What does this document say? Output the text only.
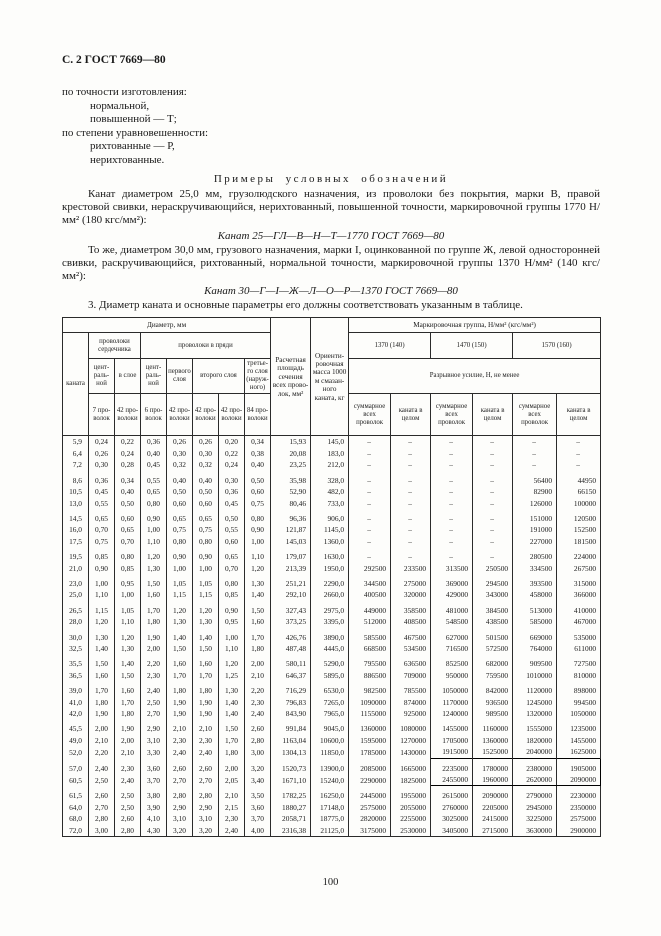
С. 2 ГОСТ 7669—80
по точности изготовления:
нормальной,
повышенной — Т;
по степени уравновешенности:
рихтованные — Р,
нерихтованные.
Примеры условных обозначений

Канат диаметром 25,0 мм, грузолюдского назначения, из проволоки без покрытия, марки В, правой крестовой свивки, нераскручивающийся, нерихтованный, повышенной точности, маркировочной группы 1770 Н/мм² (180 кгс/мм²):

Канат 25—ГЛ—В—Н—Т—1770 ГОСТ 7669—80

То же, диаметром 30,0 мм, грузового назначения, марки I, оцинкованной по группе Ж, левой односторонней свивки, раскручивающийся, рихтованный, нормальной точности, маркировочной группы 1370 Н/мм² (140 кгс/мм²):

Канат 30—Г—I—Ж—Л—О—Р—1370 ГОСТ 7669—80

3. Диаметр каната и основные параметры его должны соответствовать указанным в таблице.

Диаметр, мм								Расчетная площадь сечения всех проволок, мм²	Ориентировочная масса 1000 м смазанного каната, кг	Маркировочная группа, Н/мм² (кгс/мм²)					
каната	проволоки сердечника		проволоки в пряди							1370 (140)		1470 (150)		1570 (160)	
	центральной	в слое	центральной	первого слоя	второго слоя		третьего слоя (наружного)			Разрывное усилие, Н, не менее					
	7 проволок	42 проволоки	6 проволок	42 проволоки	42 проволоки	42 проволоки	84 проволоки			суммарное всех проволок	каната в целом	суммарное всех проволок	каната в целом	суммарное всех проволок	каната в целом
5,9	0,24	0,22	0,36	0,26	0,26	0,20	0,34	15,93	145,0	–	–	–	–	–	–
6,4	0,26	0,24	0,40	0,30	0,30	0,22	0,38	20,08	183,0	–	–	–	–	–	–
7,2	0,30	0,28	0,45	0,32	0,32	0,24	0,40	23,25	212,0	–	–	–	–	–	–
8,6	0,36	0,34	0,55	0,40	0,40	0,30	0,50	35,98	328,0	–	–	–	–	56400	44950
10,5	0,45	0,40	0,65	0,50	0,50	0,36	0,60	52,90	482,0	–	–	–	–	82900	66150
13,0	0,55	0,50	0,80	0,60	0,60	0,45	0,75	80,46	733,0	–	–	–	–	126000	100000
14,5	0,65	0,60	0,90	0,65	0,65	0,50	0,80	96,36	906,0	–	–	–	–	151000	120500
16,0	0,70	0,65	1,00	0,75	0,75	0,55	0,90	121,87	1145,0	–	–	–	–	191000	152500
17,5	0,75	0,70	1,10	0,80	0,80	0,60	1,00	145,03	1360,0	–	–	–	–	227000	181500
19,5	0,85	0,80	1,20	0,90	0,90	0,65	1,10	179,07	1630,0	–	–	–	–	280500	224000
21,0	0,90	0,85	1,30	1,00	1,00	0,70	1,20	213,39	1950,0	292500	233500	313500	250500	334500	267500
23,0	1,00	0,95	1,50	1,05	1,05	0,80	1,30	251,21	2290,0	344500	275000	369000	294500	393500	315000
25,0	1,10	1,00	1,60	1,15	1,15	0,85	1,40	292,10	2660,0	400500	320000	429000	343000	458000	366000
26,5	1,15	1,05	1,70	1,20	1,20	0,90	1,50	327,43	2975,0	449000	358500	481000	384500	513000	410000
28,0	1,20	1,10	1,80	1,30	1,30	0,95	1,60	373,25	3395,0	512000	408500	548500	438500	585000	467000
30,0	1,30	1,20	1,90	1,40	1,40	1,00	1,70	426,76	3890,0	585500	467500	627000	501500	669000	535000
32,5	1,40	1,30	2,00	1,50	1,50	1,10	1,80	487,48	4445,0	668500	534500	716500	572500	764000	611000
35,5	1,50	1,40	2,20	1,60	1,60	1,20	2,00	580,11	5290,0	795500	636500	852500	682000	909500	727500
36,5	1,60	1,50	2,30	1,70	1,70	1,25	2,10	646,37	5895,0	886500	709000	950000	759500	1010000	810000
39,0	1,70	1,60	2,40	1,80	1,80	1,30	2,20	716,29	6530,0	982500	785500	1050000	842000	1120000	898000
41,0	1,80	1,70	2,50	1,90	1,90	1,40	2,30	796,83	7265,0	1090000	874000	1170000	936500	1245000	994500
42,0	1,90	1,80	2,70	1,90	1,90	1,40	2,40	843,90	7965,0	1155000	925000	1240000	989500	1320000	1050000
45,5	2,00	1,90	2,90	2,10	2,10	1,50	2,60	991,84	9045,0	1360000	1080000	1455000	1160000	1555000	1235000
49,0	2,10	2,00	3,10	2,30	2,30	1,70	2,80	1163,04	10600,0	1595000	1270000	1705000	1360000	1820000	1455000
52,0	2,20	2,10	3,30	2,40	2,40	1,80	3,00	1304,13	11850,0	1785000	1430000	1915000	1525000	2040000	1625000
57,0	2,40	2,30	3,60	2,60	2,60	2,00	3,20	1520,73	13900,0	2085000	1665000	2235000	1780000	2380000	1905000
60,5	2,50	2,40	3,70	2,70	2,70	2,05	3,40	1671,10	15240,0	2290000	1825000	2455000	1960000	2620000	2090000
61,5	2,60	2,50	3,80	2,80	2,80	2,10	3,50	1782,25	16250,0	2445000	1955000	2615000	2090000	2790000	2230000
64,0	2,70	2,50	3,90	2,90	2,90	2,15	3,60	1880,27	17148,0	2575000	2055000	2760000	2205000	2945000	2350000
68,0	2,80	2,60	4,10	3,10	3,10	2,30	3,70	2058,71	18775,0	2820000	2255000	3025000	2415000	3225000	2575000
72,0	3,00	2,80	4,30	3,20	3,20	2,40	4,00	2316,38	21125,0	3175000	2530000	3405000	2715000	3630000	2900000
100
